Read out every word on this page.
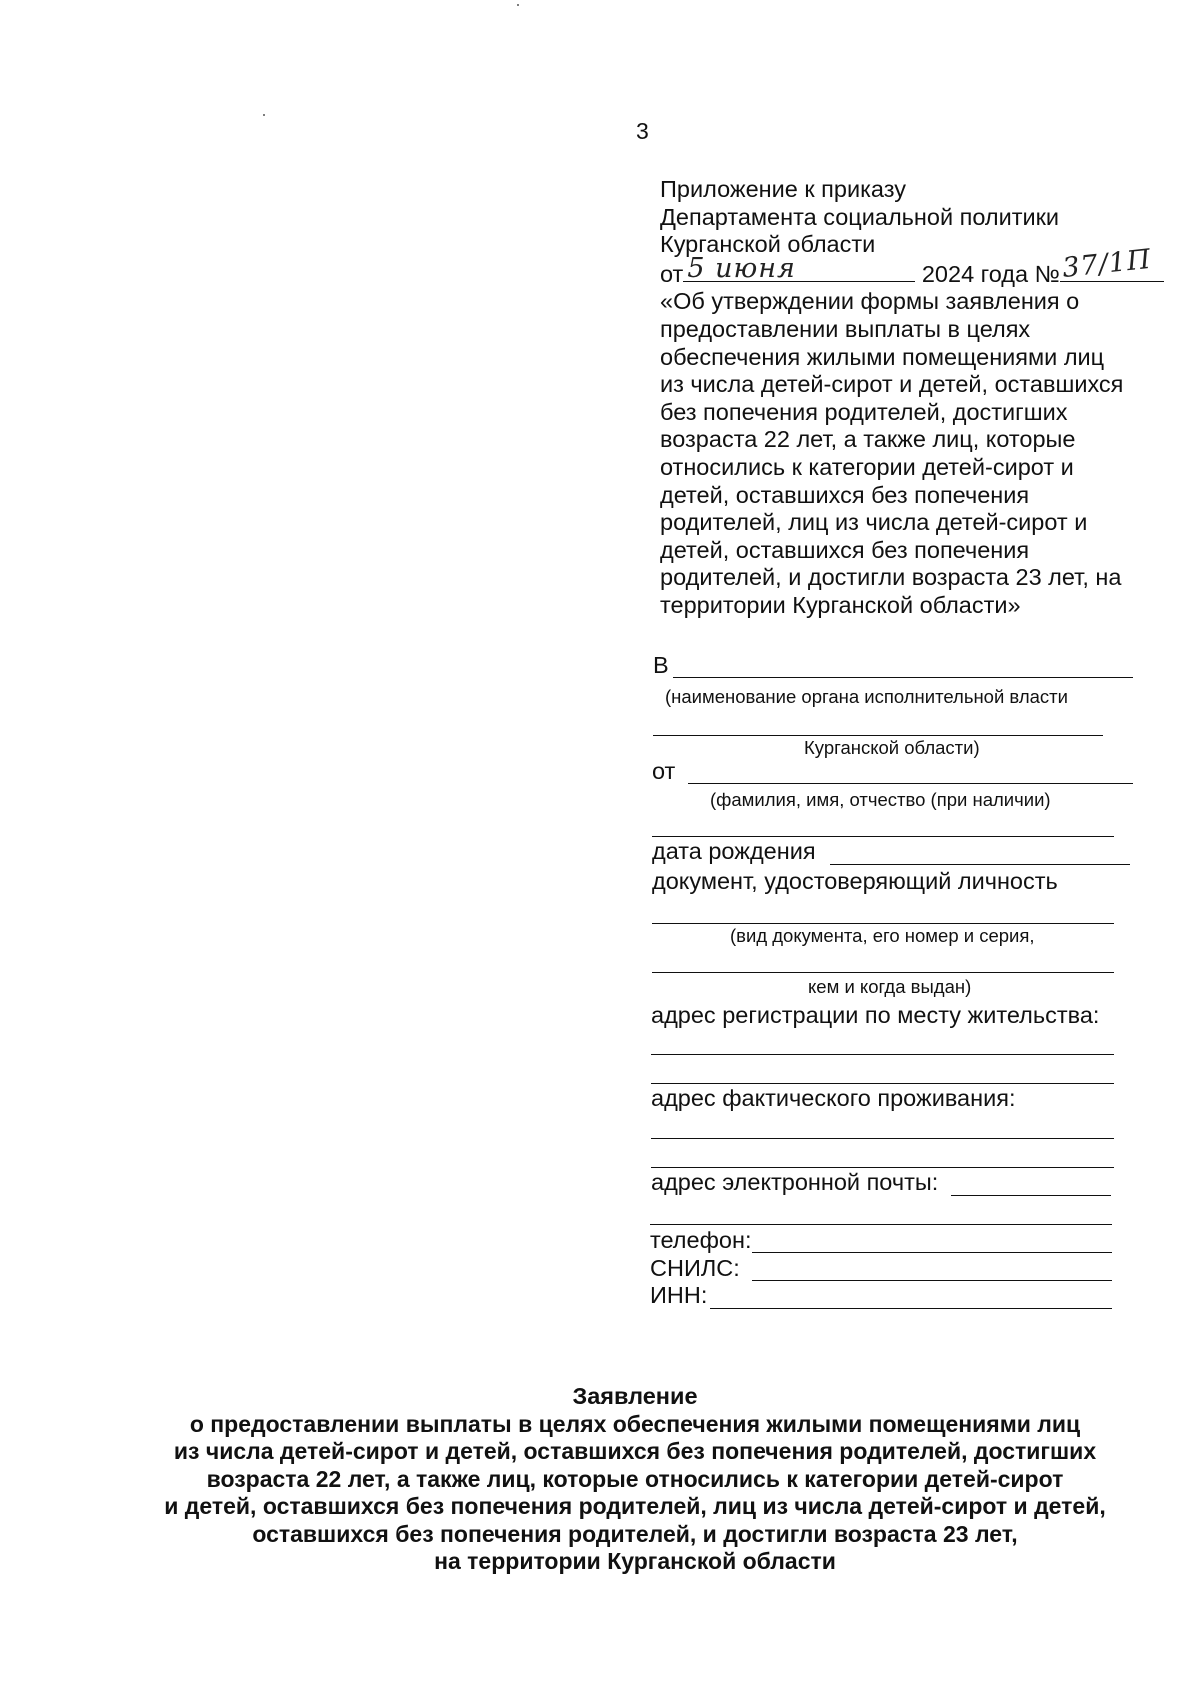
3
Приложение к приказу
Департамента социальной политики
Курганской области
от 5 июня	2024 года № 37/1П
«Об утверждении формы заявления о
предоставлении выплаты в целях
обеспечения жилыми помещениями лиц
из числа детей-сирот и детей, оставшихся
без попечения родителей, достигших
возраста 22 лет, а также лиц, которые
относились к категории детей-сирот и
детей, оставшихся без попечения
родителей, лиц из числа детей-сирот и
детей, оставшихся без попечения
родителей, и достигли возраста 23 лет, на
территории Курганской области»
В
(наименование органа исполнительной власти
Курганской области)
от
(фамилия, имя, отчество (при наличии)
дата рождения
документ, удостоверяющий личность
(вид документа, его номер и серия,
кем и когда выдан)
адрес регистрации по месту жительства:
адрес фактического проживания:
адрес электронной почты:
телефон:
СНИЛС:
ИНН:
Заявление
о предоставлении выплаты в целях обеспечения жилыми помещениями лиц
из числа детей-сирот и детей, оставшихся без попечения родителей, достигших
возраста 22 лет, а также лиц, которые относились к категории детей-сирот
и детей, оставшихся без попечения родителей, лиц из числа детей-сирот и детей,
оставшихся без попечения родителей, и достигли возраста 23 лет,
на территории Курганской области
